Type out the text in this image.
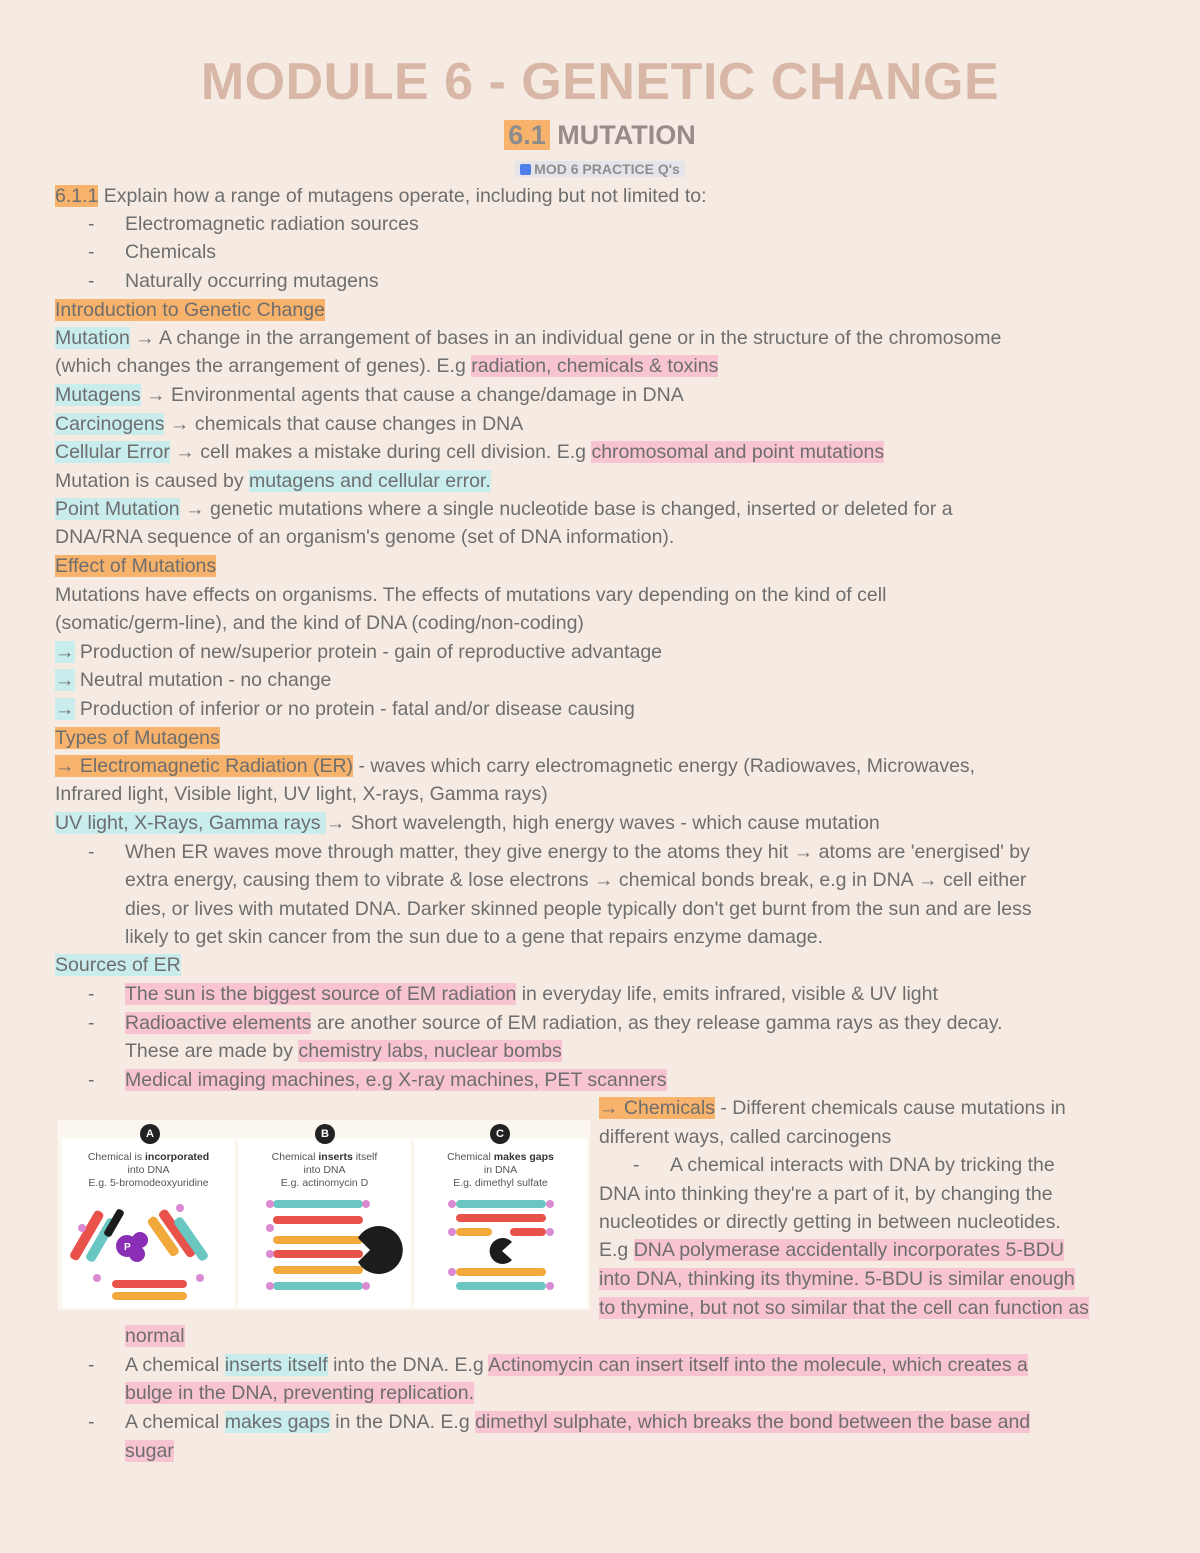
MODULE 6 - GENETIC CHANGE
6.1 MUTATION
MOD 6 PRACTICE Q's
6.1.1 Explain how a range of mutagens operate, including but not limited to:
- Electromagnetic radiation sources
- Chemicals
- Naturally occurring mutagens
Introduction to Genetic Change
Mutation → A change in the arrangement of bases in an individual gene or in the structure of the chromosome
(which changes the arrangement of genes). E.g radiation, chemicals & toxins
Mutagens → Environmental agents that cause a change/damage in DNA
Carcinogens → chemicals that cause changes in DNA
Cellular Error → cell makes a mistake during cell division. E.g chromosomal and point mutations
Mutation is caused by mutagens and cellular error.
Point Mutation → genetic mutations where a single nucleotide base is changed, inserted or deleted for a
DNA/RNA sequence of an organism's genome (set of DNA information).
Effect of Mutations
Mutations have effects on organisms. The effects of mutations vary depending on the kind of cell
(somatic/germ-line), and the kind of DNA (coding/non-coding)
→ Production of new/superior protein - gain of reproductive advantage
→ Neutral mutation - no change
→ Production of inferior or no protein - fatal and/or disease causing
Types of Mutagens
→ Electromagnetic Radiation (ER) - waves which carry electromagnetic energy (Radiowaves, Microwaves,
Infrared light, Visible light, UV light, X-rays, Gamma rays)
UV light, X-Rays, Gamma rays → Short wavelength, high energy waves - which cause mutation
- When ER waves move through matter, they give energy to the atoms they hit → atoms are 'energised' by
extra energy, causing them to vibrate & lose electrons → chemical bonds break, e.g in DNA → cell either
dies, or lives with mutated DNA. Darker skinned people typically don't get burnt from the sun and are less
likely to get skin cancer from the sun due to a gene that repairs enzyme damage.
Sources of ER
- The sun is the biggest source of EM radiation in everyday life, emits infrared, visible & UV light
- Radioactive elements are another source of EM radiation, as they release gamma rays as they decay.
These are made by chemistry labs, nuclear bombs
- Medical imaging machines, e.g X-ray machines, PET scanners
→ Chemicals - Different chemicals cause mutations in
different ways, called carcinogens
- A chemical interacts with DNA by tricking the
DNA into thinking they're a part of it, by changing the
nucleotides or directly getting in between nucleotides.
E.g DNA polymerase accidentally incorporates 5-BDU
into DNA, thinking its thymine. 5-BDU is similar enough
to thymine, but not so similar that the cell can function as
normal
- A chemical inserts itself into the DNA. E.g Actinomycin can insert itself into the molecule, which creates a
bulge in the DNA, preventing replication.
- A chemical makes gaps in the DNA. E.g dimethyl sulphate, which breaks the bond between the base and
sugar
A
Chemical is incorporated
into DNA
E.g. 5-bromodeoxyuridine
P
B
Chemical inserts itself
into DNA
E.g. actinomycin D
C
Chemical makes gaps
in DNA
E.g. dimethyl sulfate
